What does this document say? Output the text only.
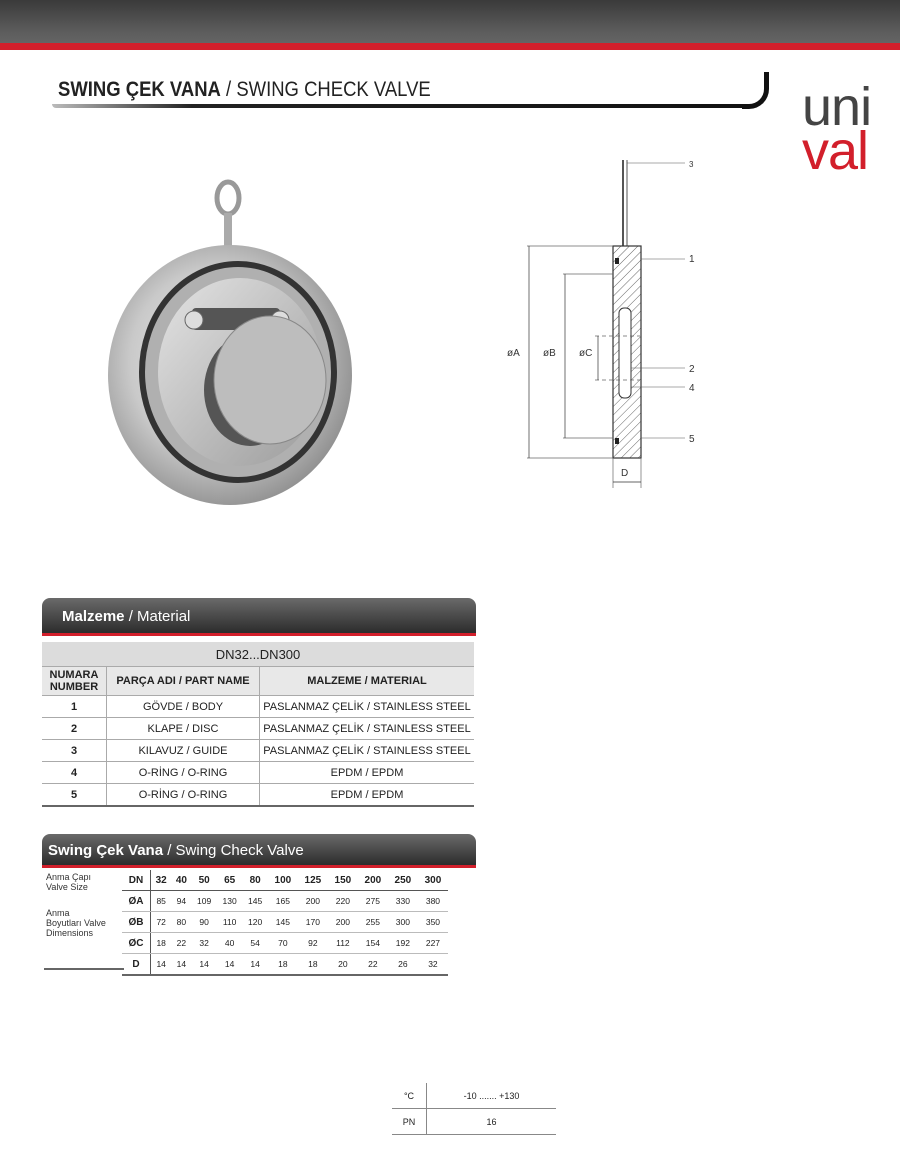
SWING ÇEK VANA / SWING CHECK VALVE	uni
val
øA øB øC
D
3
1
2
4
5
Malzeme / Material
DN32...DN300		
NUMARA NUMBER	PARÇA ADI / PART NAME	MALZEME / MATERIAL
1	GÖVDE / BODY	PASLANMAZ ÇELİK / STAINLESS STEEL
2	KLAPE / DISC	PASLANMAZ ÇELİK / STAINLESS STEEL
3	KILAVUZ / GUIDE	PASLANMAZ ÇELİK / STAINLESS STEEL
4	O-RİNG / O-RING	EPDM / EPDM
5	O-RİNG / O-RING	EPDM / EPDM
Swing Çek Vana / Swing Check Valve
Anma Çapı Valve Size
Anma Boyutları Valve Dimensions
DN	32	40	50	65	80	100	125	150	200	250	300
ØA	85	94	109	130	145	165	200	220	275	330	380
ØB	72	80	90	110	120	145	170	200	255	300	350
ØC	18	22	32	40	54	70	92	112	154	192	227
D	14	14	14	14	14	18	18	20	22	26	32
°C	-10 ....... +130
PN	16
